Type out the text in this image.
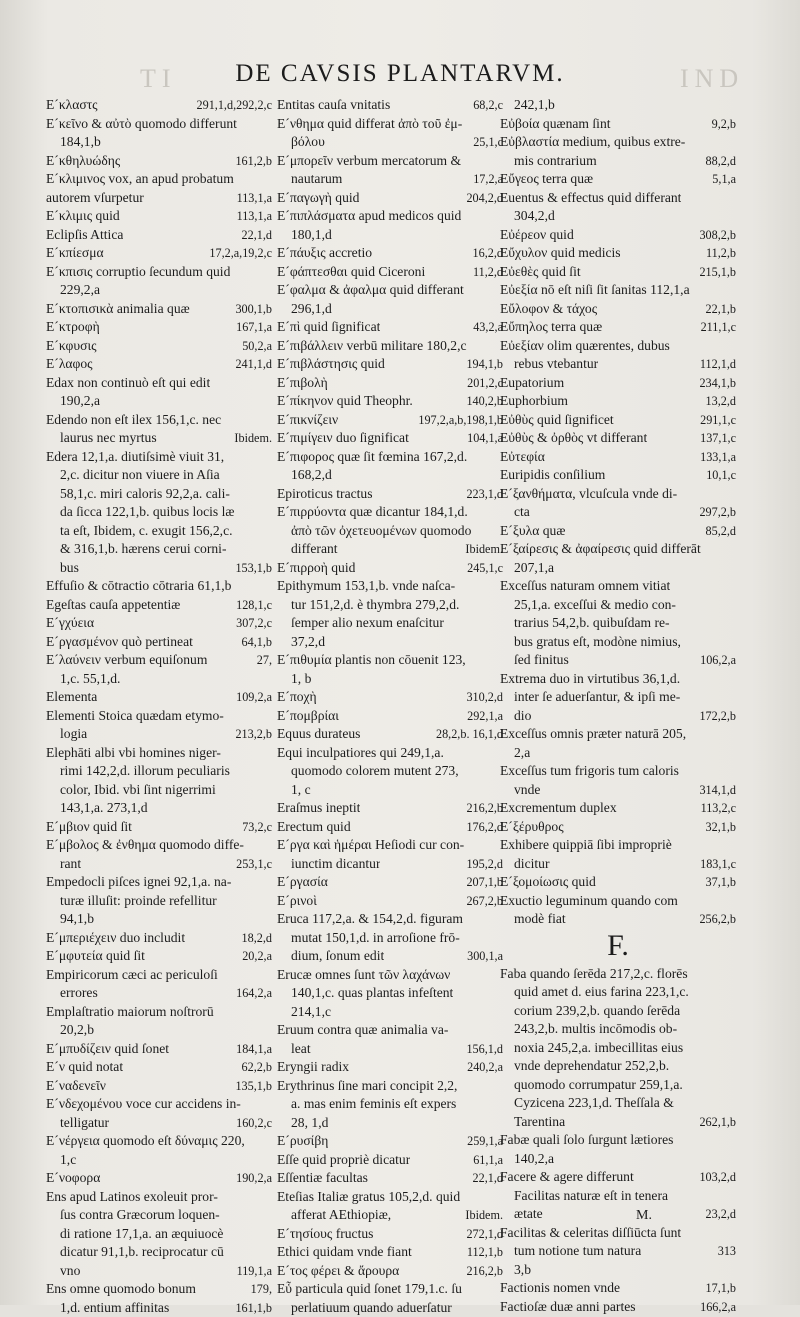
TI	IND
DE CAVSIS PLANTARVM.
E´κλαστς	291,1,d,292,2,c
E´κεῖνο & αὐτὸ quomodo differunt
184,1,b
E´κθηλυώδης	161,2,b
E´κλιμινος vox, an apud probatum
autorem vſurpetur	113,1,a
E´κλιμις quid	113,1,a
Eclipſis Attica	22,1,d
E´κπίεσμα	17,2,a,19,2,c
E´κπισις corruptio ſecundum quid
229,2,a
E´κτοπισικὰ animalia quæ	300,1,b
E´κτροφὴ	167,1,a
E´κφυσις	50,2,a
E´λαφος	241,1,d
Edax non continuò eſt qui edit
190,2,a
Edendo non eſt ilex 156,1,c. nec
laurus nec myrtus	Ibidem.
Edera 12,1,a. diutiſsimè viuit 31,
2,c. dicitur non viuere in Aſia
58,1,c. miri caloris 92,2,a. cali-
da ſicca 122,1,b. quibus locis læ
ta eſt, Ibidem, c. exugit 156,2,c.
& 316,1,b. hærens cerui corni-
bus	153,1,b
Effuſio & cōtractio cōtraria 61,1,b
Egeſtas cauſa appetentiæ	128,1,c
E´γχύεια	307,2,c
E´ργασμένον quò pertineat	64,1,b
E´λαύνειν verbum equiſonum	27,
1,c. 55,1,d.
Elementa	109,2,a
Elementi Stoica quædam etymo-
logia	213,2,b
Elephāti albi vbi homines niger-
rimi 142,2,d. illorum peculiaris
color, Ibid. vbi ſint nigerrimi
143,1,a. 273,1,d
E´μβιον quid ſit	73,2,c
E´μβολος & ἐνθημα quomodo diffe-
rant	253,1,c
Empedocli piſces ignei 92,1,a. na-
turæ illuſit: proinde refellitur
94,1,b
E´μπεριέχειν duo includit	18,2,d
E´μφυτεία quid ſit	20,2,a
Empiricorum cæci ac periculoſi
errores	164,2,a
Emplaſtratio maiorum noſtrorū
20,2,b
E´μπυδίζειν quid ſonet	184,1,a
E´ν quid notat	62,2,b
E´ναδενεῖν	135,1,b
E´νδεχομένου voce cur accidens in-
telligatur	160,2,c
E´νέργεια quomodo eſt δύναμις 220,
1,c
E´νοφορα	190,2,a
Ens apud Latinos exoleuit pror-
ſus contra Græcorum loquen-
di ratione 17,1,a. an æquiuocè
dicatur 91,1,b. reciprocatur cū
vno	119,1,a
Ens omne quomodo bonum	179,
1,d. entium affinitas	161,1,b
Entitas cauſa vnitatis	68,2,c
E´νθημα quid differat ἀπὸ τοῦ ἐμ-
βόλου	25,1,c
E´μπορεῖν verbum mercatorum &
nautarum	17,2,a
E´παγωγὴ quid	204,2,d
E´πιπλάσματα apud medicos quid
180,1,d
E´πάυξις accretio	16,2,d
E´φάπτεσθαι quid Ciceroni	11,2,d
E´φαλμα & ἀφαλμα quid differant
296,1,d
E´πὶ quid ſignificat	43,2,a
E´πιβάλλειν verbū militare 180,2,c
E´πιβλάστησις quid	194,1,b
E´πιβολὴ	201,2,c
E´πίκηνον quid Theophr.	140,2,b
E´πικνίζειν	197,2,a,b,198,1,b
E´πιμίγειν duo ſignificat	104,1,a
E´πιφορος quæ ſit fœmina 167,2,d.
168,2,d
Epiroticus tractus	223,1,d
E´πιρρύοντα quæ dicantur 184,1,d.
ἀπὸ τῶν ὀχετευομένων quomodo
differant	Ibidem.
E´πιρροὴ quid	245,1,c
Epithymum 153,1,b. vnde naſca-
tur 151,2,d. è thymbra 279,2,d.
ſemper alio nexum enaſcitur
37,2,d
E´πιθυμία plantis non cōuenit 123,
1, b
E´ποχὴ	310,2,d
E´πομβρίαι	292,1,a
Equus durateus	28,2,b. 16,1,d
Equi inculpatiores qui 249,1,a.
quomodo colorem mutent 273,
1, c
Eraſmus ineptit	216,2,b
Erectum quid	176,2,d
E´ργα καὶ ἡμέραι Heſiodi cur con-
iunctim dicantur	195,2,d
E´ργασία	207,1,b
E´ρινοὶ	267,2,b
Eruca 117,2,a. & 154,2,d. figuram
mutat 150,1,d. in arroſione frō-
dium, ſonum edit	300,1,a
Erucæ omnes ſunt τῶν λαχάνων
140,1,c. quas plantas infeſtent
214,1,c
Eruum contra quæ animalia va-
leat	156,1,d
Eryngii radix	240,2,a
Erythrinus ſine mari concipit 2,2,
a. mas enim feminis eſt expers
28, 1,d
E´ρυσίβη	259,1,a
Eſſe quid propriè dicatur	61,1,a
Eſſentiæ facultas	22,1,d
Eteſias Italiæ gratus 105,2,d. quid
afferat AEthiopiæ,	Ibidem.
E´τησίους fructus	272,1,d
Ethici quidam vnde fiant	112,1,b
E´τος φέρει & ἄρουρα	216,2,b
Eὖ particula quid ſonet 179,1.c. ſu
perlatiuum quando aduerſatur
242,1,b
Eὐβοία quænam ſint	9,2,b
Eὐβλαστία medium, quibus extre-
mis contrarium	88,2,d
Eὔγεος terra quæ	5,1,a
Euentus & effectus quid differant
304,2,d
Eὐέρεον quid	308,2,b
Eὔχυλον quid medicis	11,2,b
Eὐεθὲς quid ſit	215,1,b
Eὐεξία nō eſt niſi ſit ſanitas 112,1,a
Eὔλοφον & τάχος	22,1,b
Eὔπηλος terra quæ	211,1,c
Eὐεξίαν olim quærentes, dubus
rebus vtebantur	112,1,d
Eupatorium	234,1,b
Euphorbium	13,2,d
Eὐθὺς quid ſignificet	291,1,c
Eὐθὺς & ὀρθὸς vt differant	137,1,c
Eὐτεφία	133,1,a
Euripidis conſilium	10,1,c
E´ξανθήματα, vlcuſcula vnde di-
cta	297,2,b
E´ξυλα quæ	85,2,d
E´ξαίρεσις & ἀφαίρεσις quid differāt
207,1,a
Exceſſus naturam omnem vitiat
25,1,a. exceſſui & medio con-
trarius 54,2,b. quibuſdam re-
bus gratus eſt, modòne nimius,
ſed finitus	106,2,a
Extrema duo in virtutibus 36,1,d.
inter ſe aduerſantur, & ipſi me-
dio	172,2,b
Exceſſus omnis præter naturā 205,
2,a
Exceſſus tum frigoris tum caloris
vnde	314,1,d
Excrementum duplex	113,2,c
E´ξέρυθρος	32,1,b
Exhibere quippiā ſibi impropriè
dicitur	183,1,c
E´ξομοίωσις quid	37,1,b
Exuctio leguminum quando com
modè fiat	256,2,b
F.
Faba quando ſerēda 217,2,c. florēs
quid amet d. eius farina 223,1,c.
corium 239,2,b. quando ſerēda
243,2,b. multis incōmodis ob-
noxia 245,2,a. imbecillitas eius
vnde deprehendatur 252,2,b.
quomodo corrumpatur 259,1,a.
Cyzicena 223,1,d. Theſſala &
Tarentina	262,1,b
Fabæ quali ſolo ſurgunt lætiores
140,2,a
Facere & agere differunt	103,2,d
Facilitas naturæ eſt in tenera
ætate	23,2,d
Facilitas & celeritas diſſiūcta ſunt
tum notione tum natura	313
3,b
Factionis nomen vnde	17,1,b
Factioſæ duæ anni partes	166,2,a
M.
